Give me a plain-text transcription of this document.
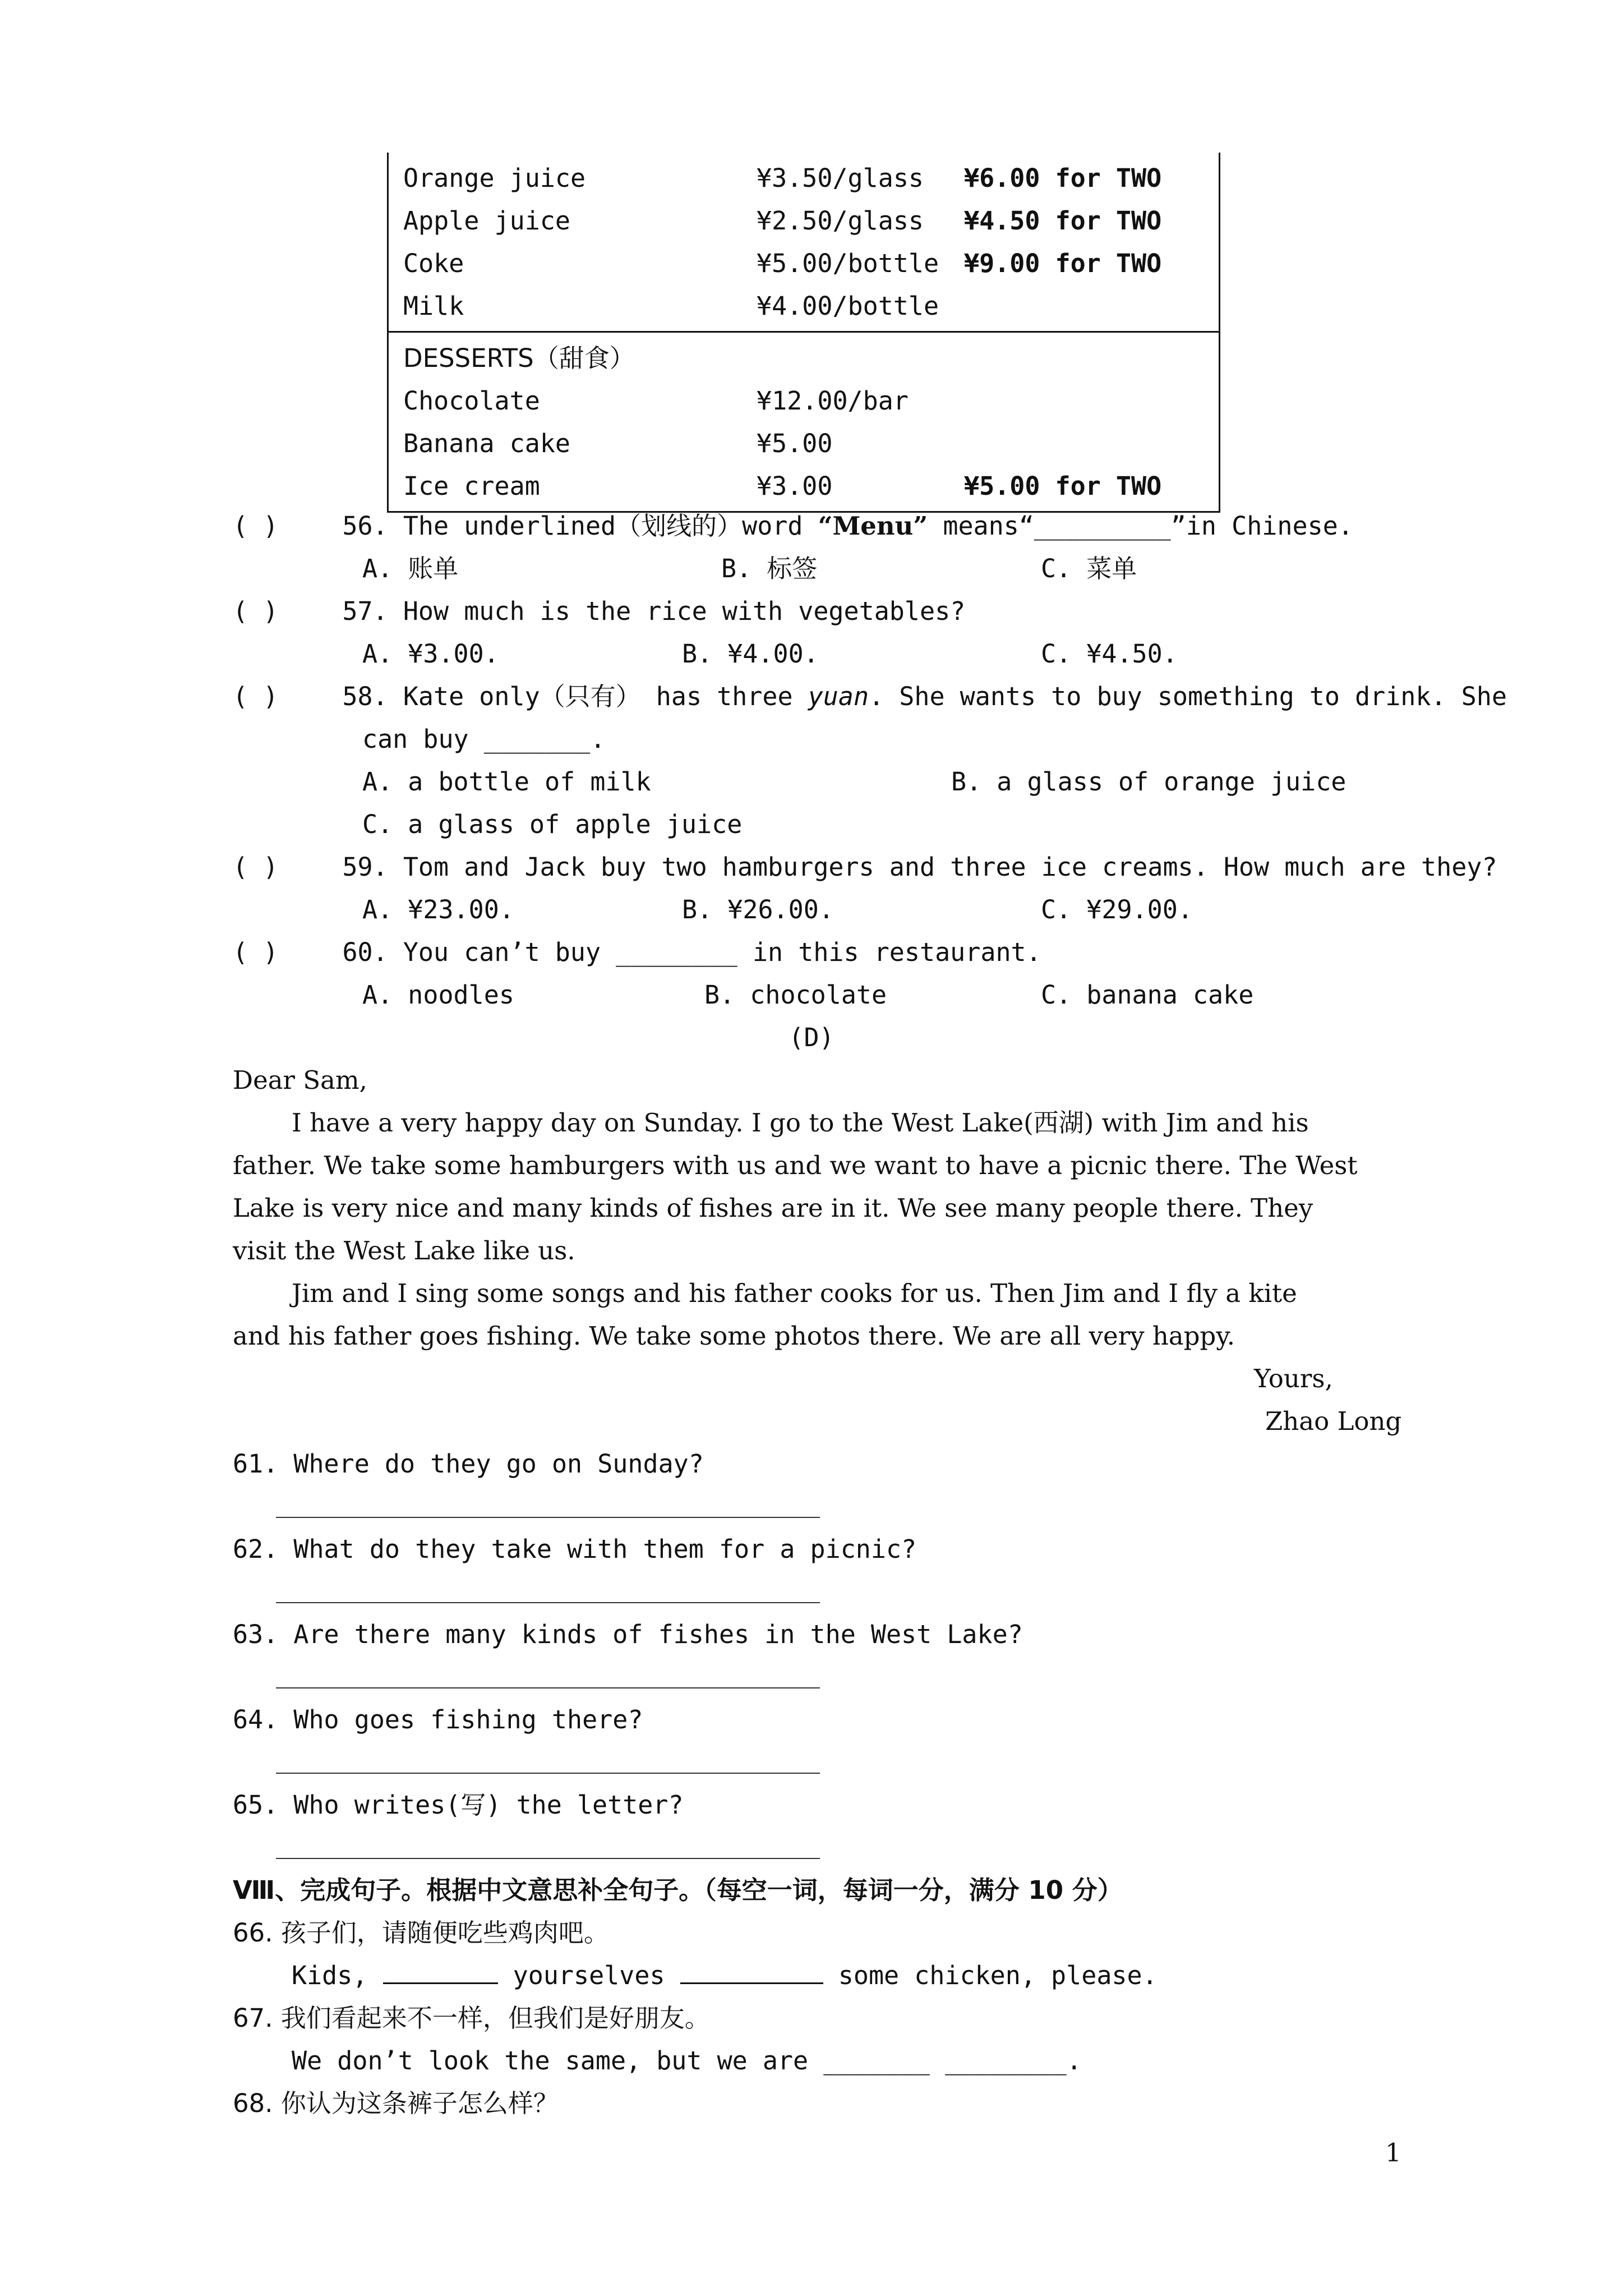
Orange juice	¥3.50/glass	¥6.00 for TWO
Apple juice	¥2.50/glass	¥4.50 for TWO
Coke	¥5.00/bottle ¥9.00 for TWO
Milk	¥4.00/bottle
DESSERTS（甜食）
Chocolate	¥12.00/bar
Banana cake	¥5.00
Ice cream	¥3.00	¥5.00 for TWO
( )	56. The underlined（划线的）word “Menu” means“_________”in Chinese.
A. 账单	B. 标签	C. 菜单
( )	57. How much is the rice with vegetables?
A. ¥3.00.	B. ¥4.00.	C. ¥4.50.
( )	58. Kate only（只有） has three yuan. She wants to buy something to drink. She
can buy _______.
A. a bottle of milk	B. a glass of orange juice
C. a glass of apple juice
( )	59. Tom and Jack buy two hamburgers and three ice creams. How much are they?
A. ¥23.00.	B. ¥26.00.	C. ¥29.00.
( )	60. You can’t buy ________ in this restaurant.
A. noodles	B. chocolate	C. banana cake
(D)
Dear Sam,
I have a very happy day on Sunday. I go to the West Lake(西湖) with Jim and his
father. We take some hamburgers with us and we want to have a picnic there. The West
Lake is very nice and many kinds of fishes are in it. We see many people there. They
visit the West Lake like us.
Jim and I sing some songs and his father cooks for us. Then Jim and I fly a kite
and his father goes fishing. We take some photos there. We are all very happy.
Yours,
Zhao Long
61. Where do they go on Sunday?
62. What do they take with them for a picnic?
63. Are there many kinds of fishes in the West Lake?
64. Who goes fishing there?
65. Who writes(写) the letter?
Ⅷ、完成句子。根据中文意思补全句子。（每空一词，每词一分，满分 10 分）
66. 孩子们，请随便吃些鸡肉吧。
Kids,	yourselves	some chicken, please.
67. 我们看起来不一样，但我们是好朋友。
We don’t look the same, but we are _______ ________.
68. 你认为这条裤子怎么样？
1
